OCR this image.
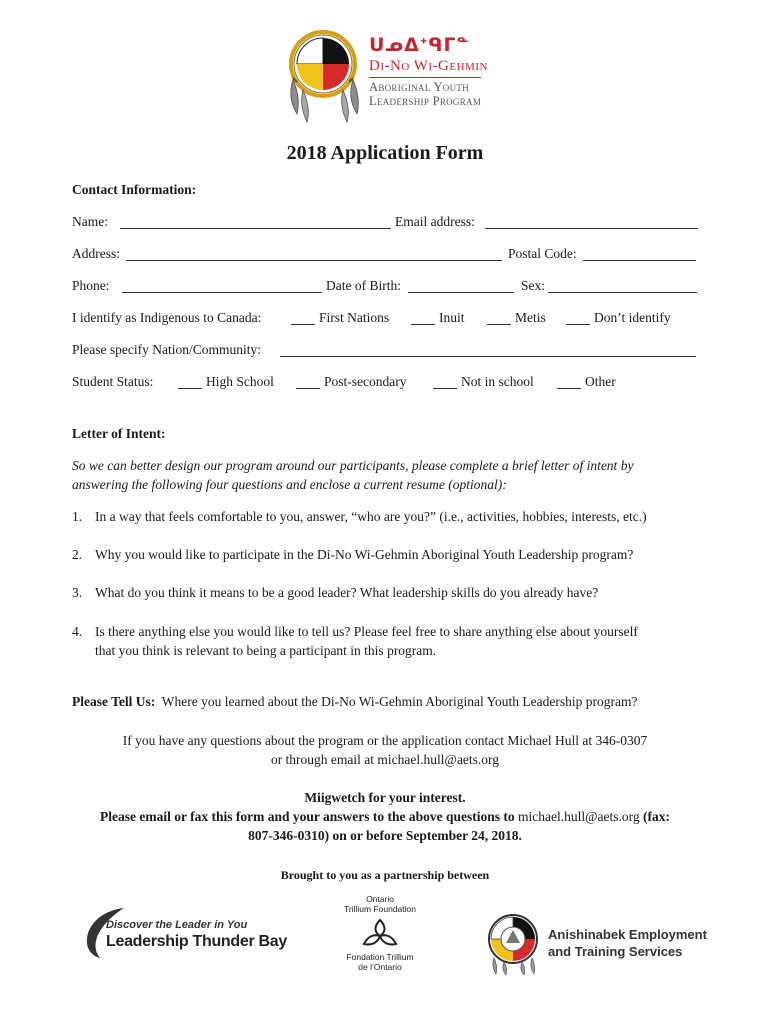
ᑌᓄᐃᕀᑫᒥᓐ
Di-No Wi-Gehmin
Aboriginal Youth
Leadership Program
2018 Application Form
Contact Information:
Name:	Email address:
Address:	Postal Code:
Phone:	Date of Birth:	Sex:
I identify as Indigenous to Canada:	First Nations	Inuit	Metis	Don’t identify
Please specify Nation/Community:
Student Status:	High School	Post-secondary	Not in school	Other
Letter of Intent:
So we can better design our program around our participants, please complete a brief letter of intent by
answering the following four questions and enclose a current resume (optional):
1. In a way that feels comfortable to you, answer, “who are you?” (i.e., activities, hobbies, interests, etc.)
2. Why you would like to participate in the Di-No Wi-Gehmin Aboriginal Youth Leadership program?
3. What do you think it means to be a good leader? What leadership skills do you already have?
4. Is there anything else you would like to tell us? Please feel free to share anything else about yourself
that you think is relevant to being a participant in this program.
Please Tell Us: Where you learned about the Di-No Wi-Gehmin Aboriginal Youth Leadership program?
If you have any questions about the program or the application contact Michael Hull at 346-0307
or through email at michael.hull@aets.org
Miigwetch for your interest.
Please email or fax this form and your answers to the above questions to michael.hull@aets.org (fax:
807-346-0310) on or before September 24, 2018.
Brought to you as a partnership between
Discover the Leader in You
Leadership Thunder Bay
Ontario
Trillium Foundation
Fondation Trillium
de l’Ontario
Anishinabek Employment
and Training Services
